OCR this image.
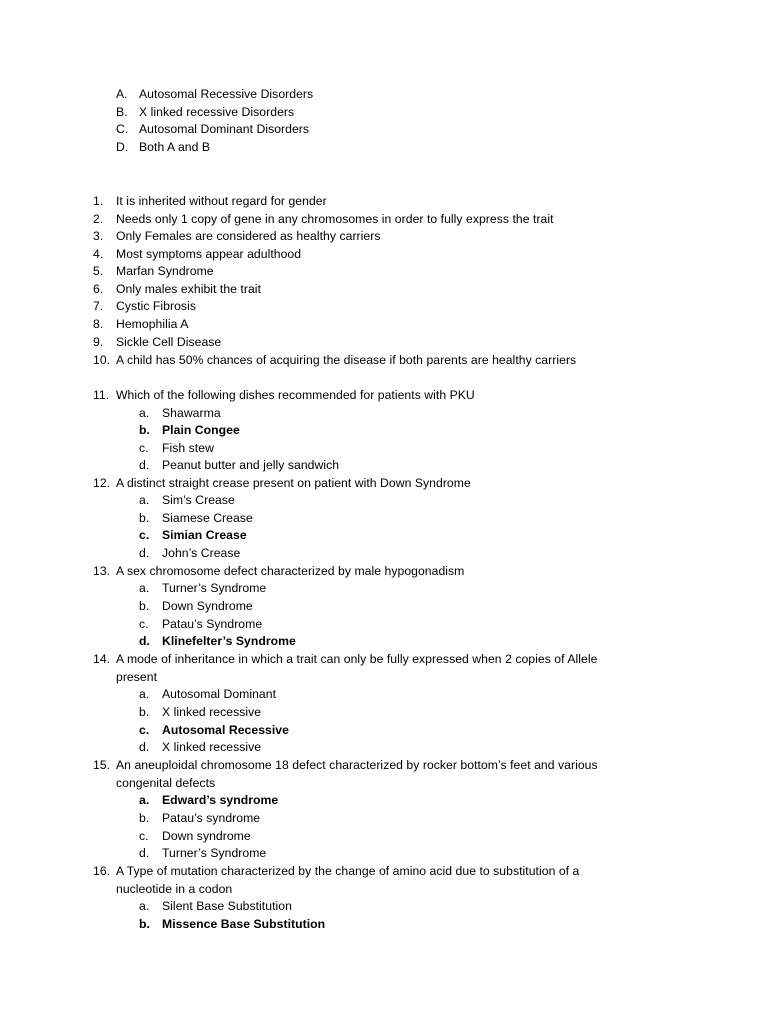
A. Autosomal Recessive Disorders
B. X linked recessive Disorders
C. Autosomal Dominant Disorders
D. Both A and B
1. It is inherited without regard for gender
2. Needs only 1 copy of gene in any chromosomes in order to fully express the trait
3. Only Females are considered as healthy carriers
4. Most symptoms appear adulthood
5. Marfan Syndrome
6. Only males exhibit the trait
7. Cystic Fibrosis
8. Hemophilia A
9. Sickle Cell Disease
10. A child has 50% chances of acquiring the disease if both parents are healthy carriers
11. Which of the following dishes recommended for patients with PKU
a. Shawarma
b. Plain Congee
c. Fish stew
d. Peanut butter and jelly sandwich
12. A distinct straight crease present on patient with Down Syndrome
a. Sim’s Crease
b. Siamese Crease
c. Simian Crease
d. John’s Crease
13. A sex chromosome defect characterized by male hypogonadism
a. Turner’s Syndrome
b. Down Syndrome
c. Patau’s Syndrome
d. Klinefelter’s Syndrome
14. A mode of inheritance in which a trait can only be fully expressed when 2 copies of Allele
present
a. Autosomal Dominant
b. X linked recessive
c. Autosomal Recessive
d. X linked recessive
15. An aneuploidal chromosome 18 defect characterized by rocker bottom’s feet and various
congenital defects
a. Edward’s syndrome
b. Patau’s syndrome
c. Down syndrome
d. Turner’s Syndrome
16. A Type of mutation characterized by the change of amino acid due to substitution of a
nucleotide in a codon
a. Silent Base Substitution
b. Missence Base Substitution
